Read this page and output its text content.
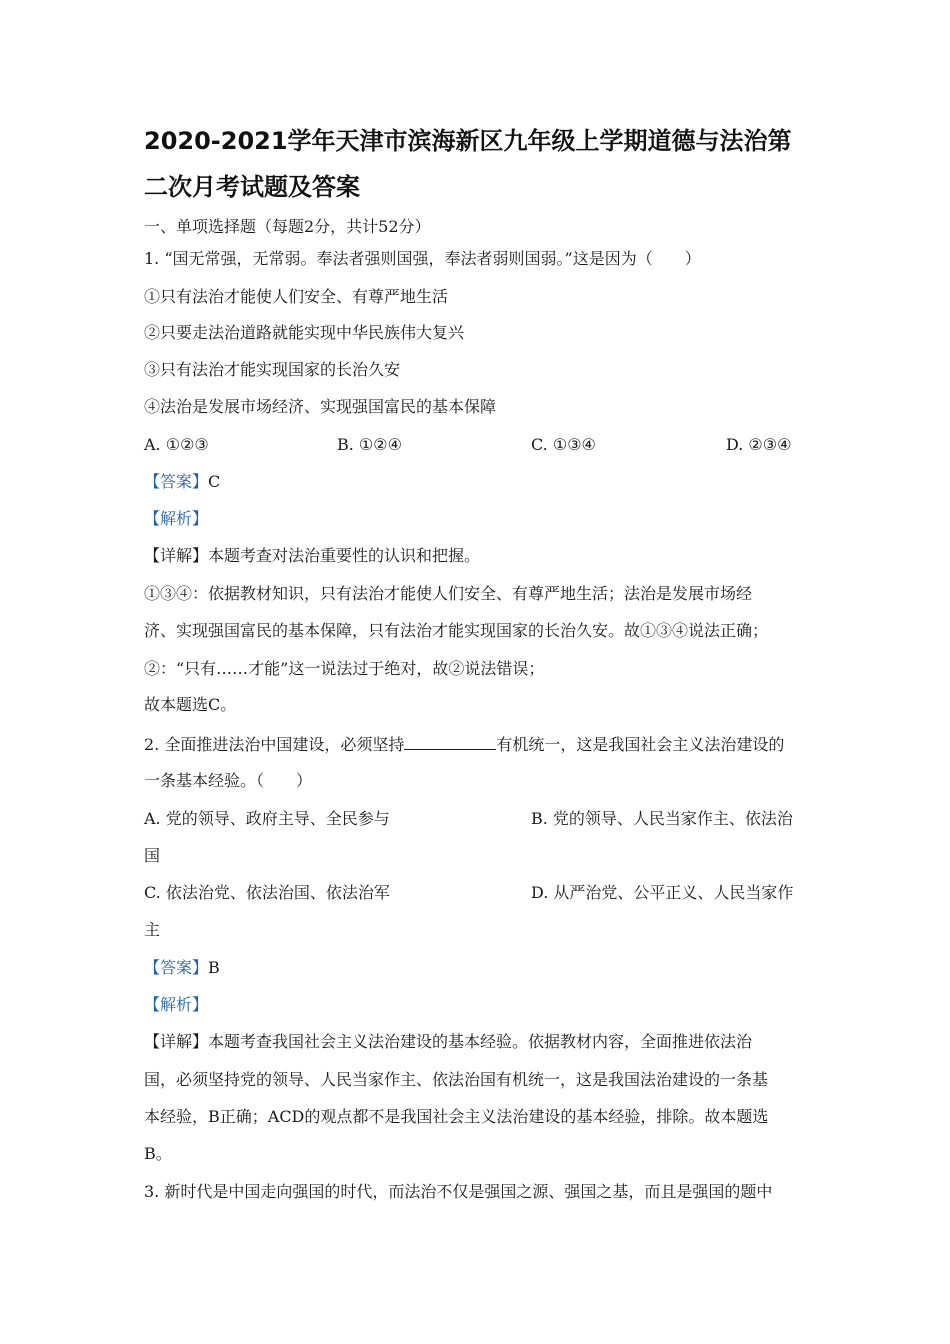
2020-2021学年天津市滨海新区九年级上学期道德与法治第
二次月考试题及答案
一、单项选择题（每题2分，共计52分）
1. “国无常强，无常弱。奉法者强则国强，奉法者弱则国弱。”这是因为（　　）
①只有法治才能使人们安全、有尊严地生活
②只要走法治道路就能实现中华民族伟大复兴
③只有法治才能实现国家的长治久安
④法治是发展市场经济、实现强国富民的基本保障
A. ①②③	B. ①②④	C. ①③④	D. ②③④
【答案】C
【解析】
【详解】本题考查对法治重要性的认识和把握。
①③④：依据教材知识，只有法治才能使人们安全、有尊严地生活；法治是发展市场经
济、实现强国富民的基本保障，只有法治才能实现国家的长治久安。故①③④说法正确；
②：“只有……才能”这一说法过于绝对，故②说法错误；
故本题选C。
2. 全面推进法治中国建设，必须坚持	有机统一，这是我国社会主义法治建设的
一条基本经验。（　　）
A. 党的领导、政府主导、全民参与	B. 党的领导、人民当家作主、依法治
国
C. 依法治党、依法治国、依法治军	D. 从严治党、公平正义、人民当家作
主
【答案】B
【解析】
【详解】本题考查我国社会主义法治建设的基本经验。依据教材内容，全面推进依法治
国，必须坚持党的领导、人民当家作主、依法治国有机统一，这是我国法治建设的一条基
本经验，B正确；ACD的观点都不是我国社会主义法治建设的基本经验，排除。故本题选
B。
3. 新时代是中国走向强国的时代，而法治不仅是强国之源、强国之基，而且是强国的题中
